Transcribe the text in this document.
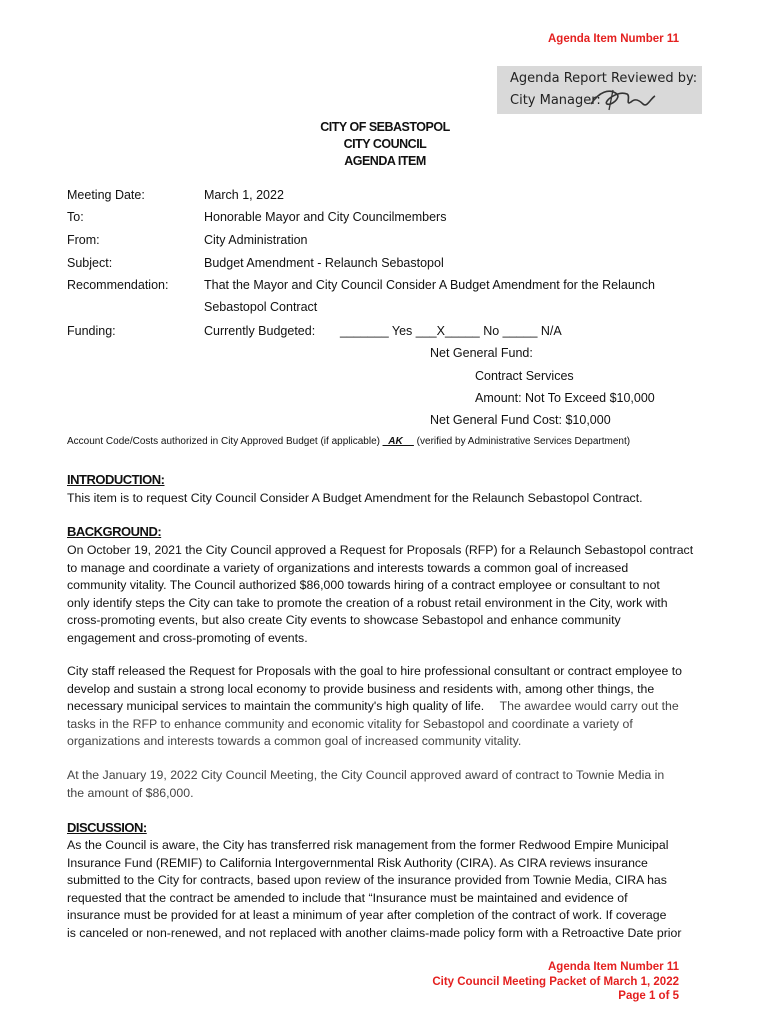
Agenda Item Number 11
Agenda Report Reviewed by:
City Manager:
CITY OF SEBASTOPOL
CITY COUNCIL
AGENDA ITEM
Meeting Date:	March 1, 2022
To:	Honorable Mayor and City Councilmembers
From:	City Administration
Subject:	Budget Amendment - Relaunch Sebastopol
Recommendation:	That the Mayor and City Council Consider A Budget Amendment for the Relaunch
Sebastopol Contract
Funding:	Currently Budgeted: _______ Yes ___X_____ No _____ N/A
Net General Fund:
Contract Services
Amount: Not To Exceed $10,000
Net General Fund Cost: $10,000
Account Code/Costs authorized in City Approved Budget (if applicable) _AK__ (verified by Administrative Services Department)
INTRODUCTION:
This item is to request City Council Consider A Budget Amendment for the Relaunch Sebastopol Contract.
BACKGROUND:
On October 19, 2021 the City Council approved a Request for Proposals (RFP) for a Relaunch Sebastopol contract
to manage and coordinate a variety of organizations and interests towards a common goal of increased
community vitality. The Council authorized $86,000 towards hiring of a contract employee or consultant to not
only identify steps the City can take to promote the creation of a robust retail environment in the City, work with
cross-promoting events, but also create City events to showcase Sebastopol and enhance community
engagement and cross-promoting of events.
City staff released the Request for Proposals with the goal to hire professional consultant or contract employee to
develop and sustain a strong local economy to provide business and residents with, among other things, the
necessary municipal services to maintain the community's high quality of life. The awardee would carry out the
tasks in the RFP to enhance community and economic vitality for Sebastopol and coordinate a variety of
organizations and interests towards a common goal of increased community vitality.
At the January 19, 2022 City Council Meeting, the City Council approved award of contract to Townie Media in
the amount of $86,000.
DISCUSSION:
As the Council is aware, the City has transferred risk management from the former Redwood Empire Municipal
Insurance Fund (REMIF) to California Intergovernmental Risk Authority (CIRA). As CIRA reviews insurance
submitted to the City for contracts, based upon review of the insurance provided from Townie Media, CIRA has
requested that the contract be amended to include that “Insurance must be maintained and evidence of
insurance must be provided for at least a minimum of year after completion of the contract of work. If coverage
is canceled or non-renewed, and not replaced with another claims-made policy form with a Retroactive Date prior
Agenda Item Number 11
City Council Meeting Packet of March 1, 2022
Page 1 of 5
